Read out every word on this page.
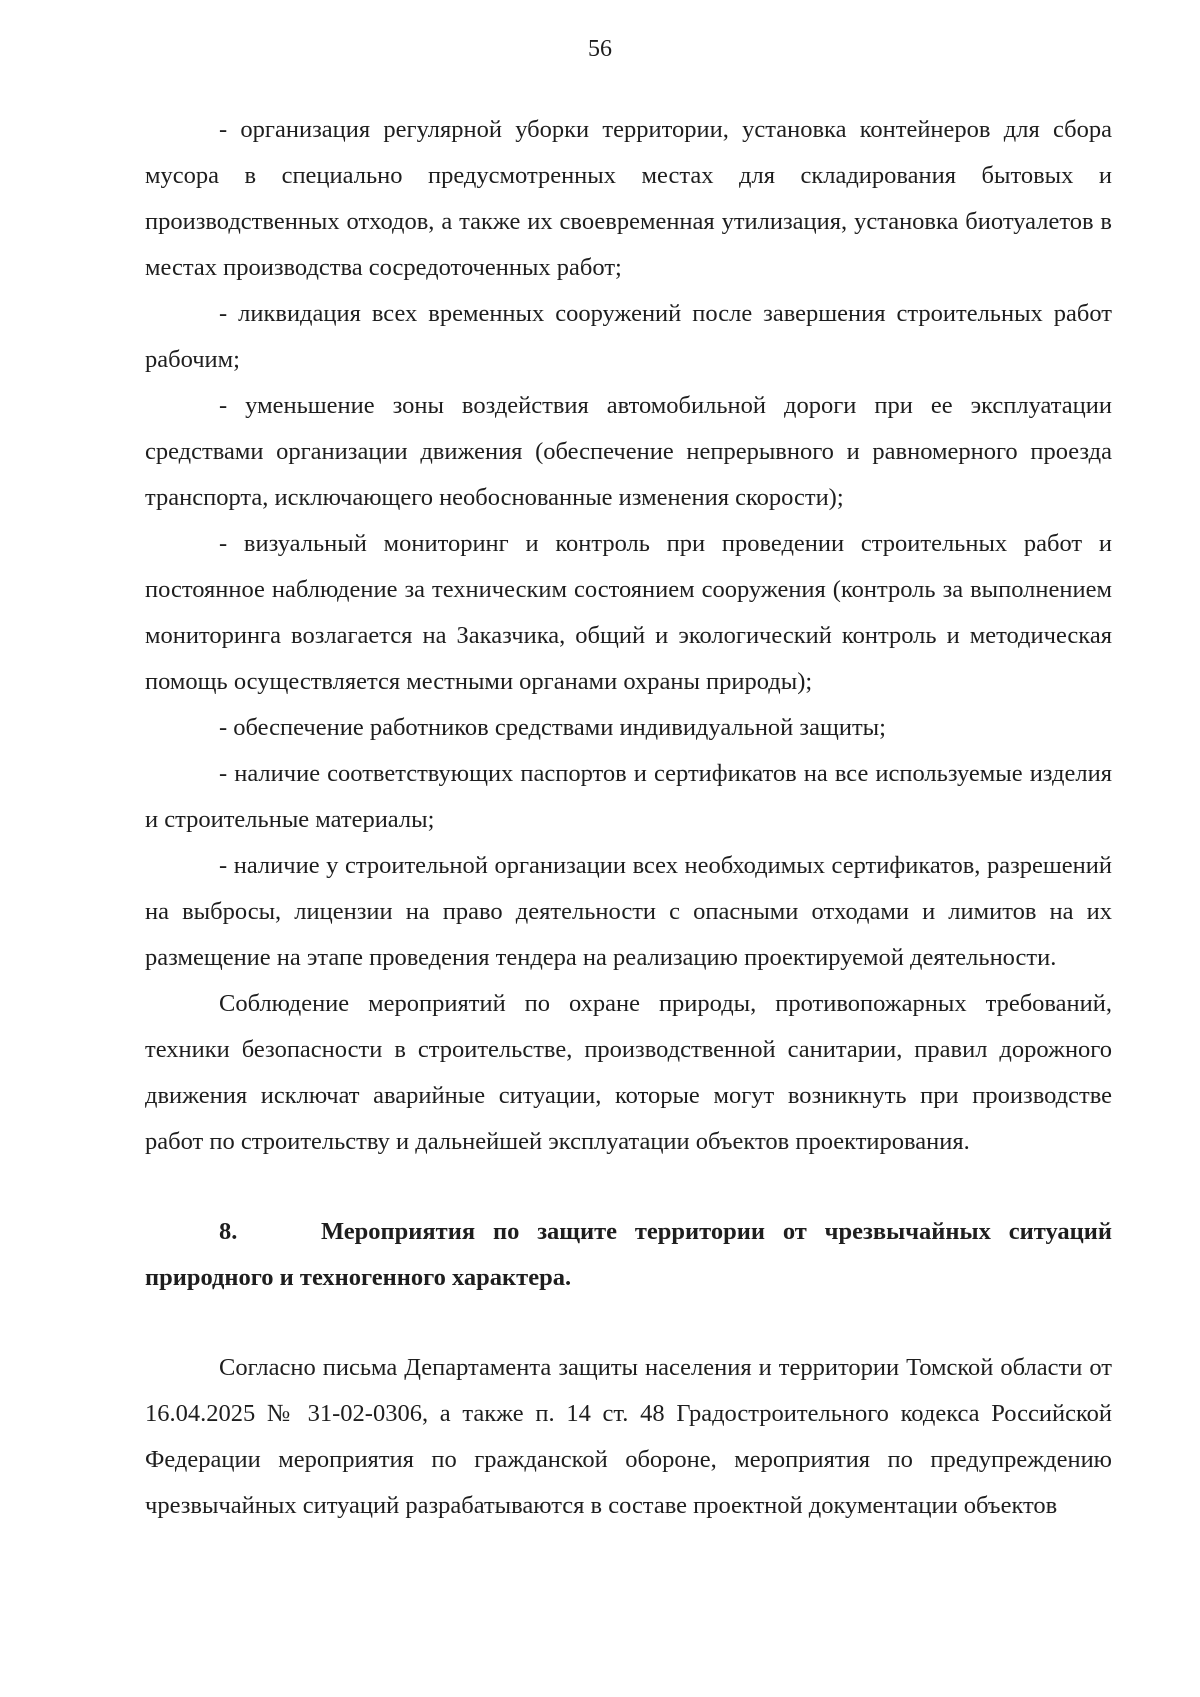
56

- организация регулярной уборки территории, установка контейнеров для сбора мусора в специально предусмотренных местах для складирования бытовых и производственных отходов, а также их своевременная утилизация, установка биотуалетов в местах производства сосредоточенных работ;

- ликвидация всех временных сооружений после завершения строительных работ рабочим;

- уменьшение зоны воздействия автомобильной дороги при ее эксплуатации средствами организации движения (обеспечение непрерывного и равномерного проезда транспорта, исключающего необоснованные изменения скорости);

- визуальный мониторинг и контроль при проведении строительных работ и постоянное наблюдение за техническим состоянием сооружения (контроль за выполнением мониторинга возлагается на Заказчика, общий и экологический контроль и методическая помощь осуществляется местными органами охраны природы);

- обеспечение работников средствами индивидуальной защиты;

- наличие соответствующих паспортов и сертификатов на все используемые изделия и строительные материалы;

- наличие у строительной организации всех необходимых сертификатов, разрешений на выбросы, лицензии на право деятельности с опасными отходами и лимитов на их размещение на этапе проведения тендера на реализацию проектируемой деятельности.

Соблюдение мероприятий по охране природы, противопожарных требований, техники безопасности в строительстве, производственной санитарии, правил дорожного движения исключат аварийные ситуации, которые могут возникнуть при производстве работ по строительству и дальнейшей эксплуатации объектов проектирования.

8.	Мероприятия по защите территории от чрезвычайных ситуаций природного и техногенного характера.

Согласно письма Департамента защиты населения и территории Томской области от 16.04.2025 № 31-02-0306, а также п. 14 ст. 48 Градостроительного кодекса Российской Федерации мероприятия по гражданской обороне, мероприятия по предупреждению чрезвычайных ситуаций разрабатываются в составе проектной документации объектов
